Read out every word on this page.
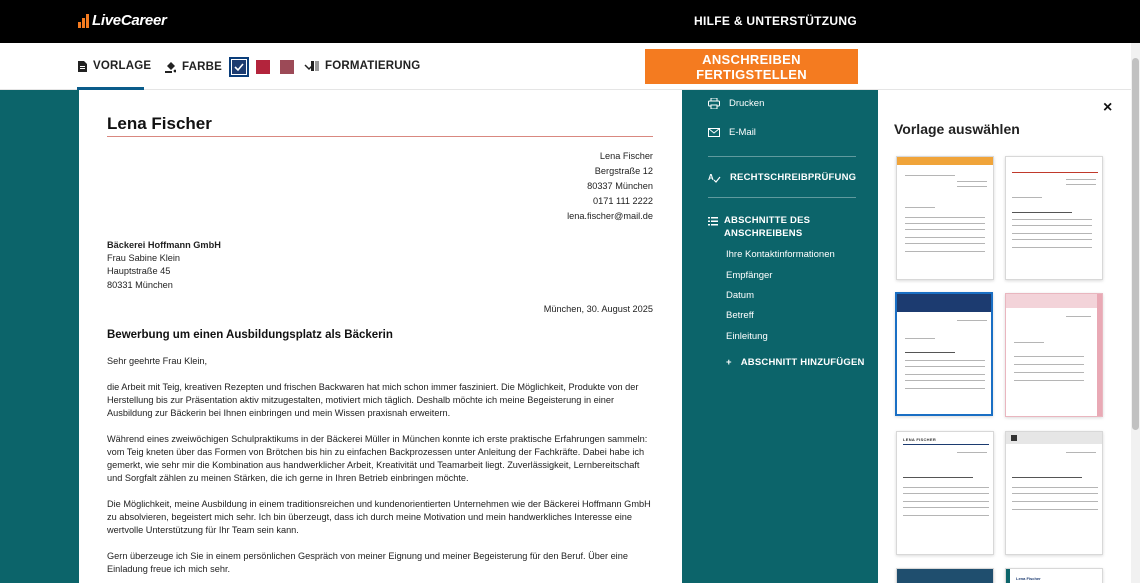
LiveCareer	HILFE & UNTERSTÜTZUNG
VORLAGE	FARBE	FORMATIERUNG	ANSCHREIBEN FERTIGSTELLEN
Lena Fischer
Lena Fischer
Bergstraße 12
80337 München
0171 111 2222
lena.fischer@mail.de
Bäckerei Hoffmann GmbH
Frau Sabine Klein
Hauptstraße 45
80331 München
München, 30. August 2025
Bewerbung um einen Ausbildungsplatz als Bäckerin

Sehr geehrte Frau Klein,

die Arbeit mit Teig, kreativen Rezepten und frischen Backwaren hat mich schon immer fasziniert. Die Möglichkeit, Produkte von der Herstellung bis zur Präsentation aktiv mitzugestalten, motiviert mich täglich. Deshalb möchte ich meine Begeisterung in einer Ausbildung zur Bäckerin bei Ihnen einbringen und mein Wissen praxisnah erweitern.

Während eines zweiwöchigen Schulpraktikums in der Bäckerei Müller in München konnte ich erste praktische Erfahrungen sammeln: vom Teig kneten über das Formen von Brötchen bis hin zu einfachen Backprozessen unter Anleitung der Fachkräfte. Dabei habe ich gemerkt, wie sehr mir die Kombination aus handwerklicher Arbeit, Kreativität und Teamarbeit liegt. Zuverlässigkeit, Lernbereitschaft und Sorgfalt zählen zu meinen Stärken, die ich gerne in Ihren Betrieb einbringen möchte.

Die Möglichkeit, meine Ausbildung in einem traditionsreichen und kundenorientierten Unternehmen wie der Bäckerei Hoffmann GmbH zu absolvieren, begeistert mich sehr. Ich bin überzeugt, dass ich durch meine Motivation und mein handwerkliches Interesse eine wertvolle Unterstützung für Ihr Team sein kann.

Gern überzeuge ich Sie in einem persönlichen Gespräch von meiner Eignung und meiner Begeisterung für den Beruf. Über eine Einladung freue ich mich sehr.

Drucken
E-Mail
A RECHTSCHREIBPRÜFUNG
ABSCHNITTE DES
ANSCHREIBENS
Ihre Kontaktinformationen
Empfänger
Datum
Betreff
Einleitung
+ ABSCHNITT HINZUFÜGEN
×
Vorlage auswählen
LENA FISCHER
Lena Fischer
